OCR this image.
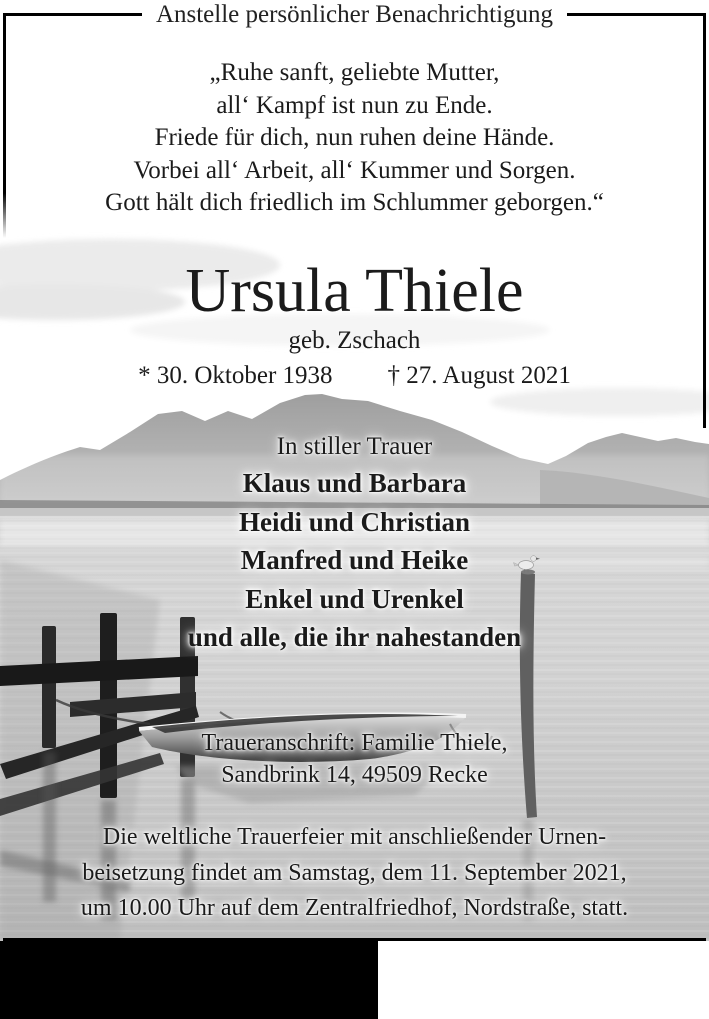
Anstelle persönlicher Benachrichtigung
„Ruhe sanft, geliebte Mutter,
all‘ Kampf ist nun zu Ende.
Friede für dich, nun ruhen deine Hände.
Vorbei all‘ Arbeit, all‘ Kummer und Sorgen.
Gott hält dich friedlich im Schlummer geborgen.“
Ursula Thiele
geb. Zschach
* 30. Oktober 1938 † 27. August 2021
In stiller Trauer
Klaus und Barbara
Heidi und Christian
Manfred und Heike
Enkel und Urenkel
und alle, die ihr nahestanden
Traueranschrift: Familie Thiele,
Sandbrink 14, 49509 Recke
Die weltliche Trauerfeier mit anschließender Urnen-
beisetzung findet am Samstag, dem 11. September 2021,
um 10.00 Uhr auf dem Zentralfriedhof, Nordstraße, statt.
